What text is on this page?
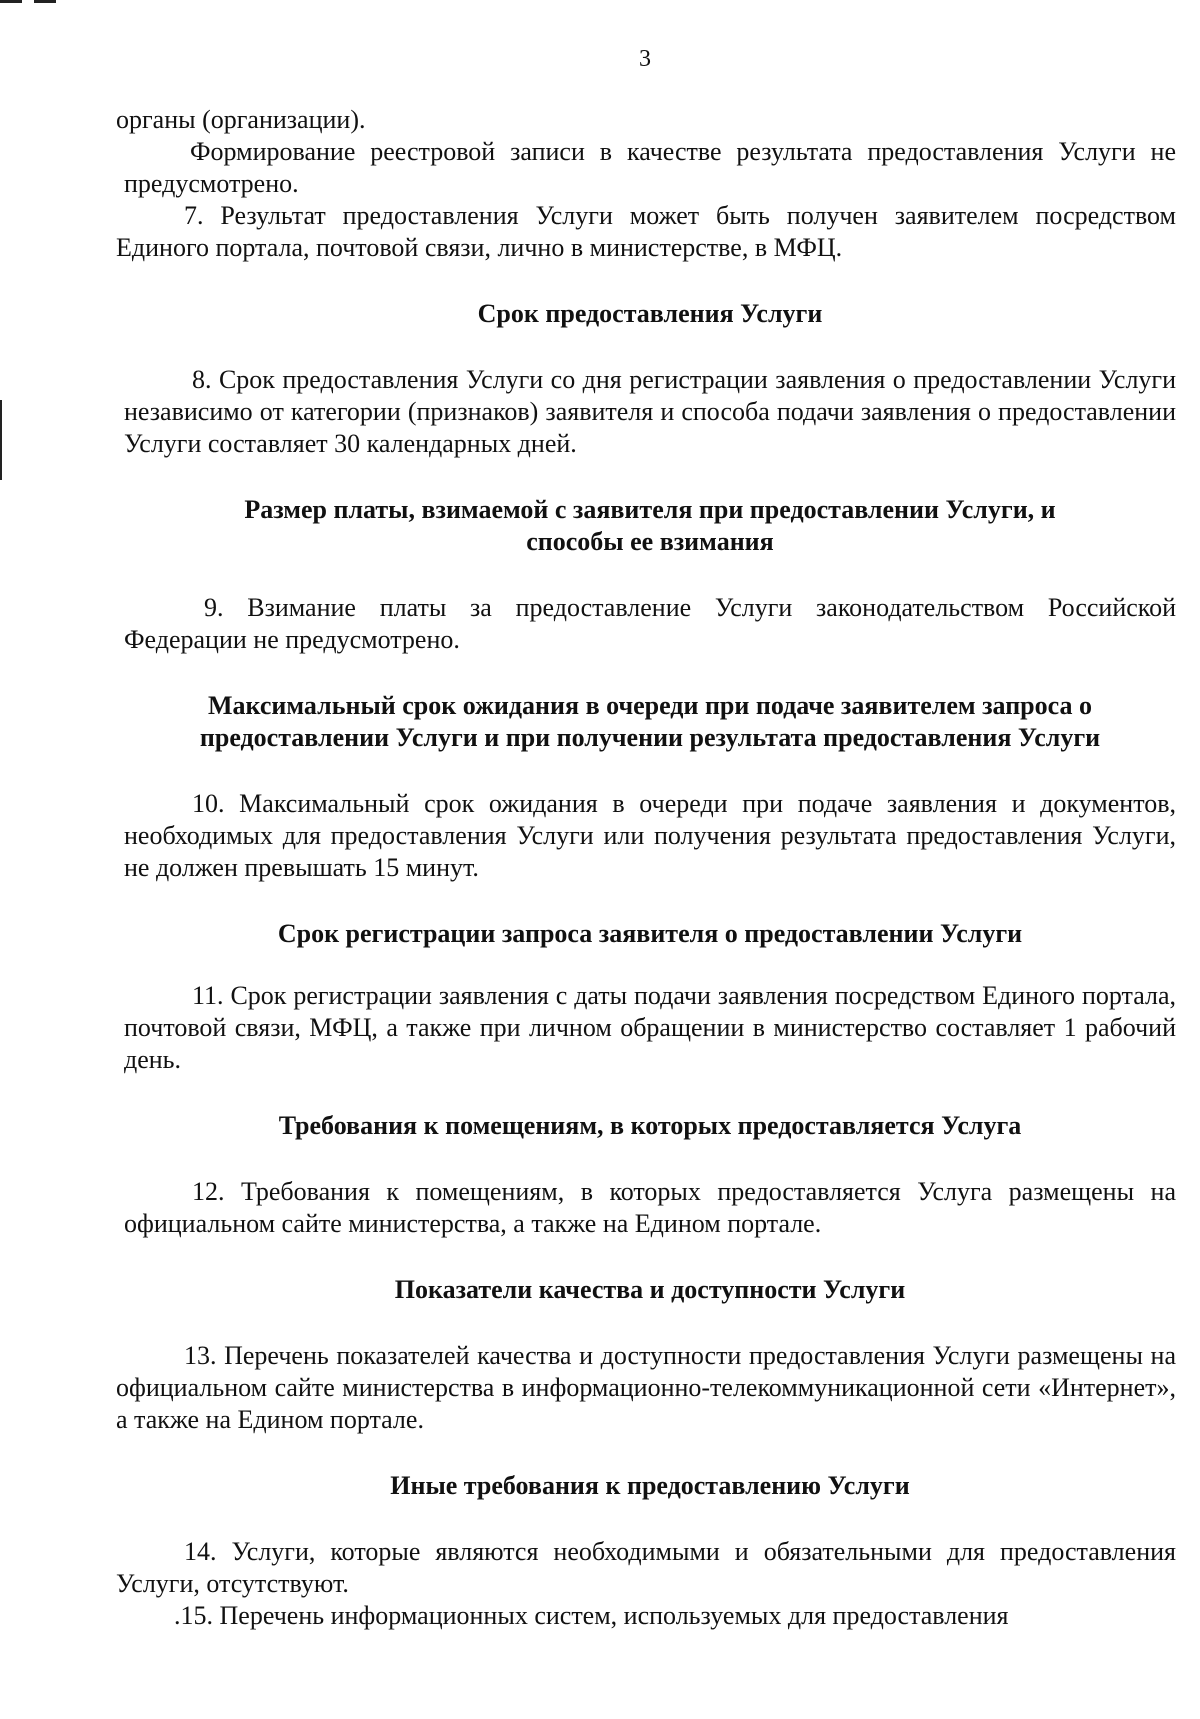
3

органы (организации).

Формирование реестровой записи в качестве результата предоставления Услуги не предусмотрено.

7. Результат предоставления Услуги может быть получен заявителем посредством Единого портала, почтовой связи, лично в министерстве, в МФЦ.

Срок предоставления Услуги

8. Срок предоставления Услуги со дня регистрации заявления о предоставлении Услуги независимо от категории (признаков) заявителя и способа подачи заявления о предоставлении Услуги составляет 30 календарных дней.

Размер платы, взимаемой с заявителя при предоставлении Услуги, и способы ее взимания

9. Взимание платы за предоставление Услуги законодательством Российской Федерации не предусмотрено.

Максимальный срок ожидания в очереди при подаче заявителем запроса о предоставлении Услуги и при получении результата предоставления Услуги

10. Максимальный срок ожидания в очереди при подаче заявления и документов, необходимых для предоставления Услуги или получения результата предоставления Услуги, не должен превышать 15 минут.

Срок регистрации запроса заявителя о предоставлении Услуги

11. Срок регистрации заявления с даты подачи заявления посредством Единого портала, почтовой связи, МФЦ, а также при личном обращении в министерство составляет 1 рабочий день.

Требования к помещениям, в которых предоставляется Услуга

12. Требования к помещениям, в которых предоставляется Услуга размещены на официальном сайте министерства, а также на Едином портале.

Показатели качества и доступности Услуги

13. Перечень показателей качества и доступности предоставления Услуги размещены на официальном сайте министерства в информационно-телекоммуникационной сети «Интернет», а также на Едином портале.

Иные требования к предоставлению Услуги

14. Услуги, которые являются необходимыми и обязательными для предоставления Услуги, отсутствуют.

.15. Перечень информационных систем, используемых для предоставления
